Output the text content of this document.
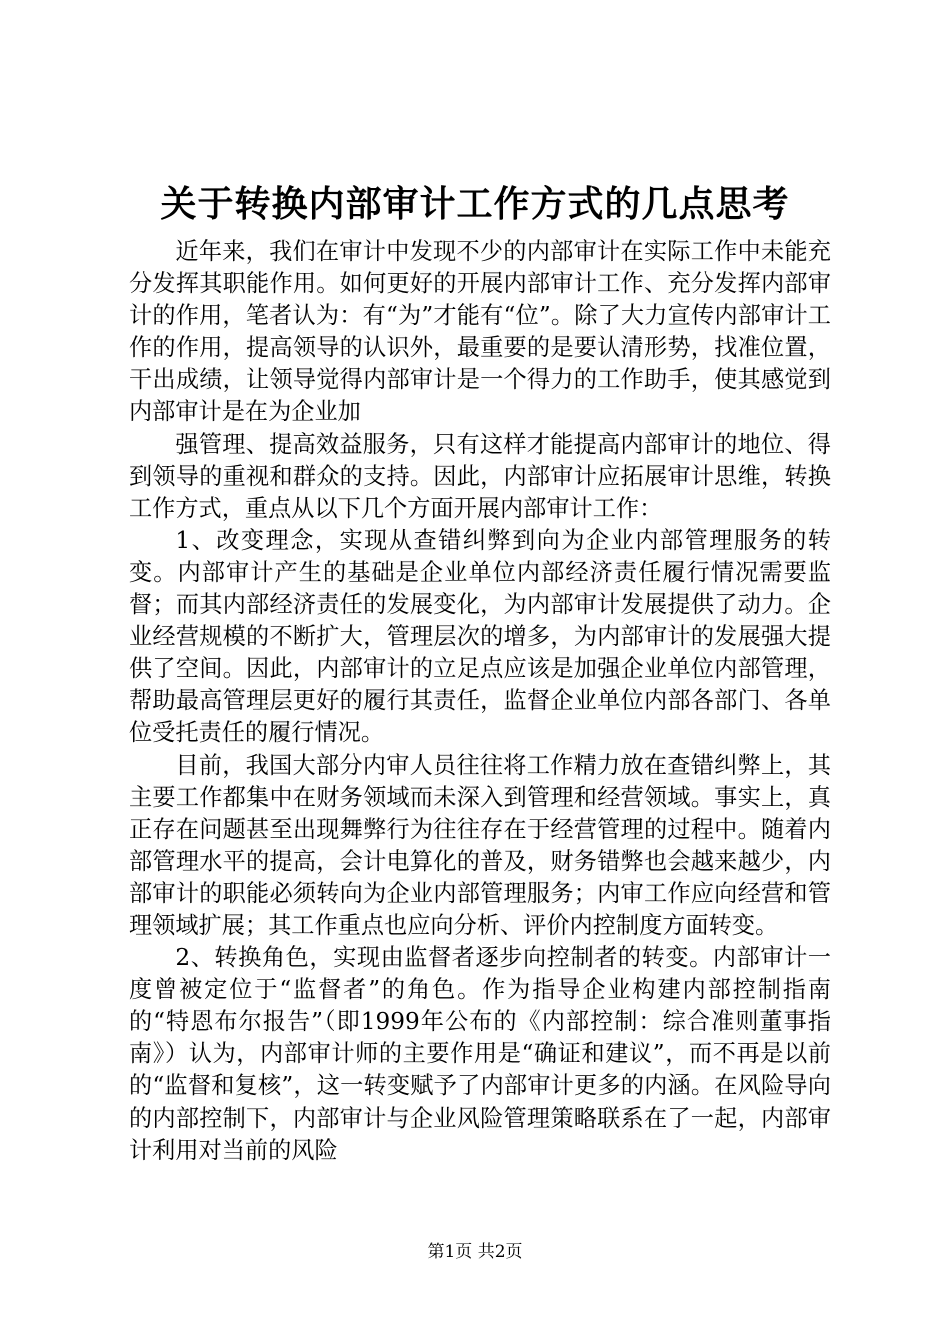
关于转换内部审计工作方式的几点思考

近年来，我们在审计中发现不少的内部审计在实际工作中未能充分发挥其职能作用。如何更好的开展内部审计工作、充分发挥内部审计的作用，笔者认为：有“为”才能有“位”。除了大力宣传内部审计工作的作用，提高领导的认识外，最重要的是要认清形势，找准位置，干出成绩，让领导觉得内部审计是一个得力的工作助手，使其感觉到内部审计是在为企业加

强管理、提高效益服务，只有这样才能提高内部审计的地位、得到领导的重视和群众的支持。因此，内部审计应拓展审计思维，转换工作方式，重点从以下几个方面开展内部审计工作：

1、改变理念，实现从查错纠弊到向为企业内部管理服务的转变。内部审计产生的基础是企业单位内部经济责任履行情况需要监督；而其内部经济责任的发展变化，为内部审计发展提供了动力。企业经营规模的不断扩大，管理层次的增多，为内部审计的发展强大提供了空间。因此，内部审计的立足点应该是加强企业单位内部管理，帮助最高管理层更好的履行其责任，监督企业单位内部各部门、各单位受托责任的履行情况。

目前，我国大部分内审人员往往将工作精力放在查错纠弊上，其主要工作都集中在财务领域而未深入到管理和经营领域。事实上，真正存在问题甚至出现舞弊行为往往存在于经营管理的过程中。随着内部管理水平的提高，会计电算化的普及，财务错弊也会越来越少，内部审计的职能必须转向为企业内部管理服务；内审工作应向经营和管理领域扩展；其工作重点也应向分析、评价内控制度方面转变。

2、转换角色，实现由监督者逐步向控制者的转变。内部审计一度曾被定位于“监督者”的角色。作为指导企业构建内部控制指南的“特恩布尔报告”（即1999年公布的《内部控制：综合准则董事指南》）认为，内部审计师的主要作用是“确证和建议”，而不再是以前的“监督和复核”，这一转变赋予了内部审计更多的内涵。在风险导向的内部控制下，内部审计与企业风险管理策略联系在了一起，内部审计利用对当前的风险

第1页 共2页
